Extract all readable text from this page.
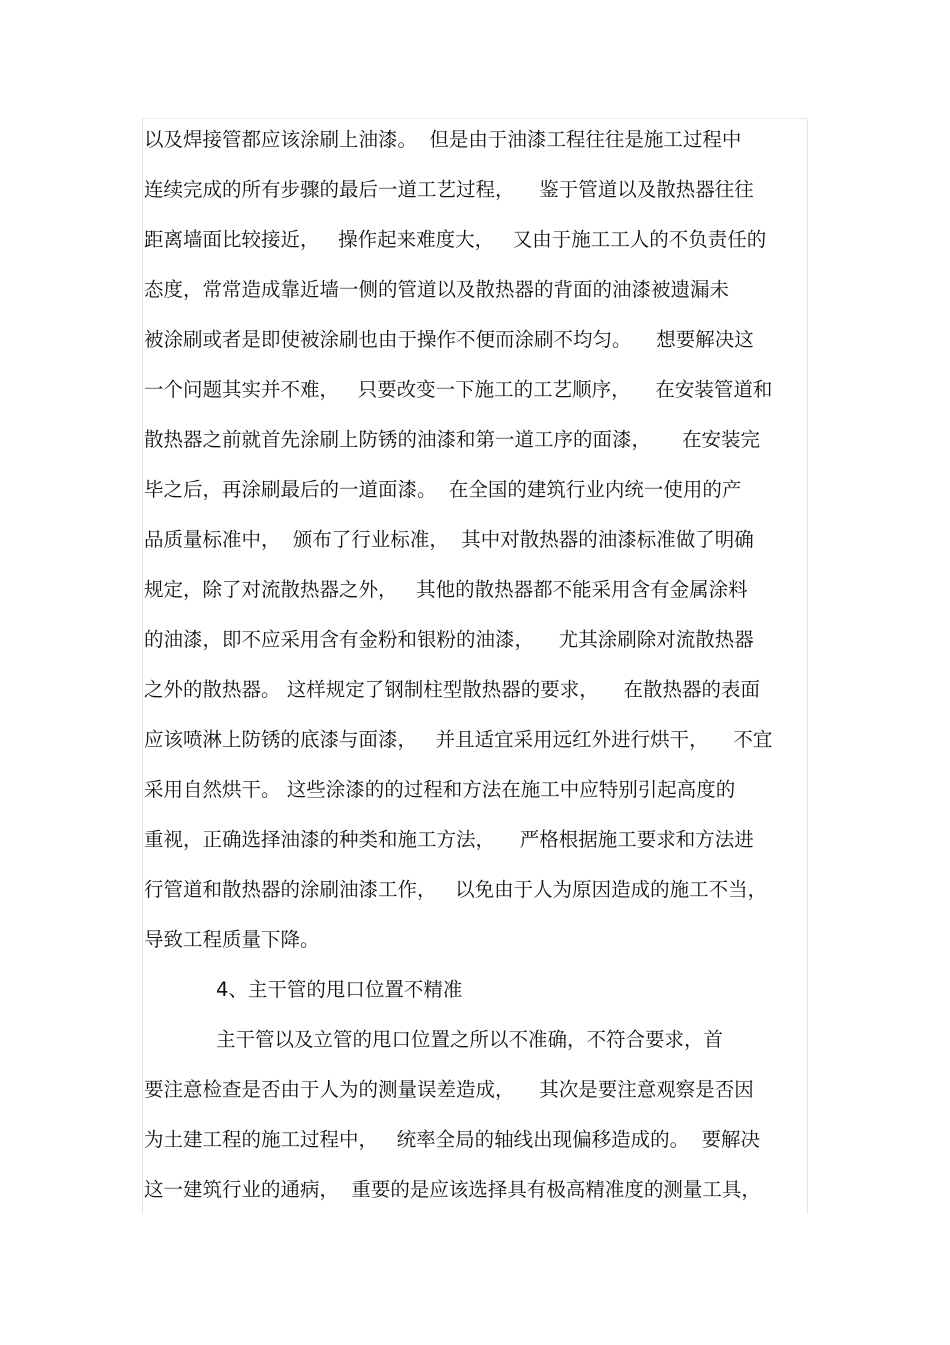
以及焊接管都应该涂刷上油漆。  但是由于油漆工程往往是施工过程中
连续完成的所有步骤的最后一道工艺过程，    鉴于管道以及散热器往往
距离墙面比较接近，   操作起来难度大，   又由于施工工人的不负责任的
态度，常常造成靠近墙一侧的管道以及散热器的背面的油漆被遗漏未
被涂刷或者是即使被涂刷也由于操作不便而涂刷不均匀。    想要解决这
一个问题其实并不难，   只要改变一下施工的工艺顺序，    在安装管道和
散热器之前就首先涂刷上防锈的油漆和第一道工序的面漆，     在安装完
毕之后，再涂刷最后的一道面漆。  在全国的建筑行业内统一使用的产
品质量标准中，  颁布了行业标准，  其中对散热器的油漆标准做了明确
规定，除了对流散热器之外，   其他的散热器都不能采用含有金属涂料
的油漆，即不应采用含有金粉和银粉的油漆，    尤其涂刷除对流散热器
之外的散热器。 这样规定了钢制柱型散热器的要求，    在散热器的表面
应该喷淋上防锈的底漆与面漆，   并且适宜采用远红外进行烘干，    不宜
采用自然烘干。 这些涂漆的的过程和方法在施工中应特别引起高度的
重视，正确选择油漆的种类和施工方法，    严格根据施工要求和方法进
行管道和散热器的涂刷油漆工作，   以免由于人为原因造成的施工不当，
导致工程质量下降。
4、主干管的甩口位置不精准
主干管以及立管的甩口位置之所以不准确，不符合要求，首
要注意检查是否由于人为的测量误差造成，    其次是要注意观察是否因
为土建工程的施工过程中，   统率全局的轴线出现偏移造成的。  要解决
这一建筑行业的通病，  重要的是应该选择具有极高精准度的测量工具，
